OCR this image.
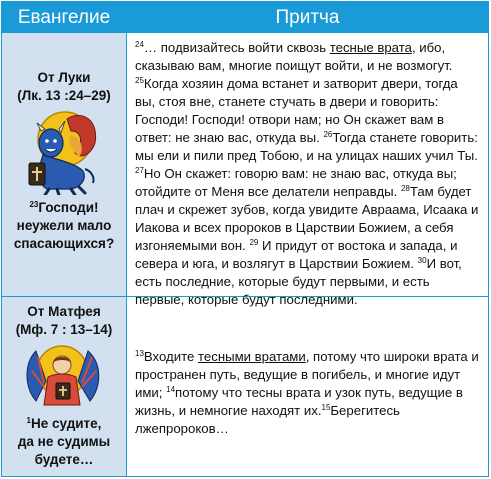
Евангелие	Притча
От Луки
(Лк. 13 :24–29)
$^{23}$Господи!
неужели мало
спасающихся?
$^{24}$… подвизайтесь войти сквозь тесные врата, ибо, сказываю вам, многие поищут войти, и не возмогут.
$^{25}$Когда хозяин дома встанет и затворит двери, тогда вы, стоя вне, станете стучать в двери и говорить: Господи! Господи! отвори нам; но Он скажет вам в ответ: не знаю вас, откуда вы. $^{26}$Тогда станете говорить: мы ели и пили пред Тобою, и на улицах наших учил Ты. $^{27}$Но Он скажет: говорю вам: не знаю вас, откуда вы; отойдите от Меня все делатели неправды. $^{28}$Там будет плач и скрежет зубов, когда увидите Авраама, Исаака и Иакова и всех пророков в Царствии Божием, а себя изгоняемыми вон. $^{29}$ И придут от востока и запада, и севера и юга, и возлягут в Царствии Божием. $^{30}$И вот, есть последние, которые будут первыми, и есть первые, которые будут последними.
От Матфея
(Мф. 7 : 13–14)
$^1$Не судите,
да не судимы
будете…
$^{13}$Входите тесными вратами, потому что широки врата и пространен путь, ведущие в погибель, и многие идут ими; $^{14}$потому что тесны врата и узок путь, ведущие в жизнь, и немногие находят их.$^{15}$Берегитесь лжепророков…
